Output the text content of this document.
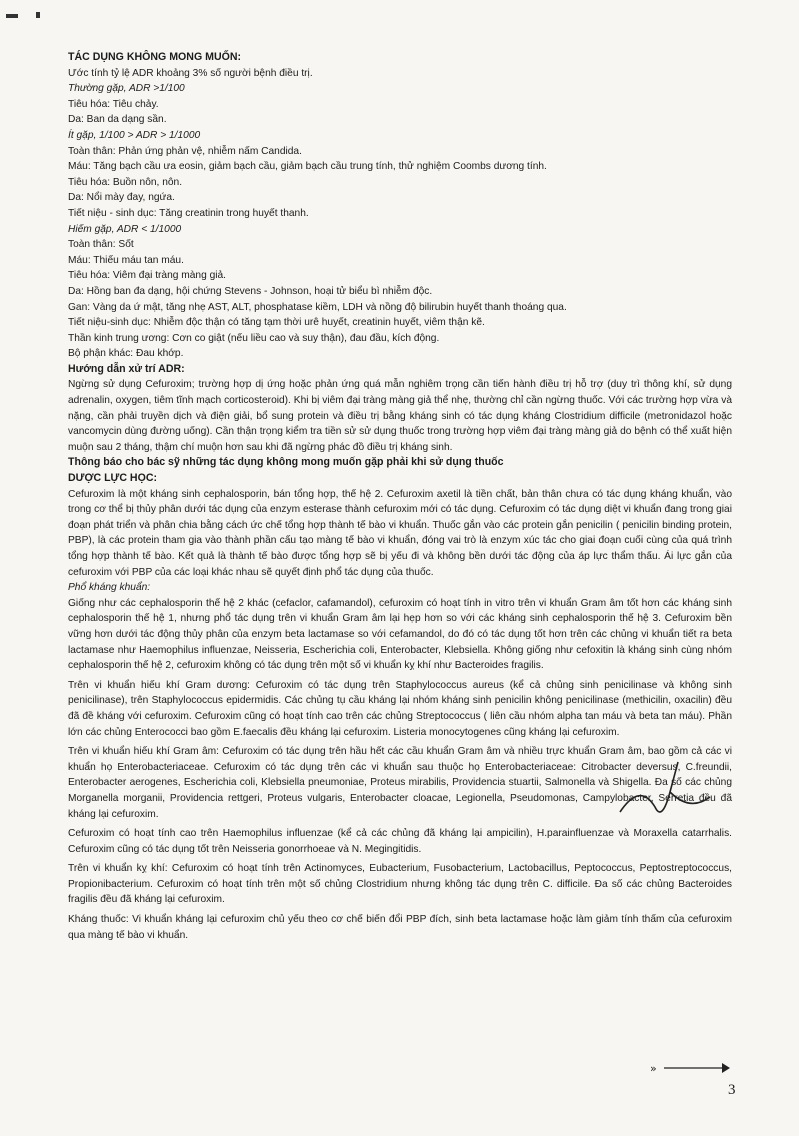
TÁC DỤNG KHÔNG MONG MUỐN:

Ước tính tỷ lệ ADR khoảng 3% số người bệnh điều trị.

Thường gặp, ADR >1/100

Tiêu hóa: Tiêu chảy.

Da: Ban da dạng sần.

Ít gặp, 1/100 > ADR > 1/1000

Toàn thân: Phản ứng phản vệ, nhiễm nấm Candida.

Máu: Tăng bạch cầu ưa eosin, giảm bạch cầu, giảm bạch cầu trung tính, thử nghiệm Coombs dương tính.

Tiêu hóa: Buồn nôn, nôn.

Da: Nổi mày đay, ngứa.

Tiết niệu - sinh dục: Tăng creatinin trong huyết thanh.

Hiếm gặp, ADR < 1/1000

Toàn thân: Sốt

Máu: Thiếu máu tan máu.

Tiêu hóa: Viêm đại tràng màng giả.

Da: Hồng ban đa dạng, hội chứng Stevens - Johnson, hoại tử biểu bì nhiễm độc.

Gan: Vàng da ứ mật, tăng nhẹ AST, ALT, phosphatase kiềm, LDH và nồng độ bilirubin huyết thanh thoáng qua.

Tiết niệu-sinh dục: Nhiễm độc thận có tăng tạm thời urê huyết, creatinin huyết, viêm thận kẽ.

Thần kinh trung ương: Cơn co giật (nếu liều cao và suy thận), đau đầu, kích động.

Bộ phận khác: Đau khớp.

Hướng dẫn xử trí ADR:

Ngừng sử dụng Cefuroxim; trường hợp dị ứng hoặc phản ứng quá mẫn nghiêm trọng cần tiến hành điều trị hỗ trợ (duy trì thông khí, sử dụng adrenalin, oxygen, tiêm tĩnh mạch corticosteroid). Khi bị viêm đại tràng màng giả thể nhẹ, thường chỉ cần ngừng thuốc. Với các trường hợp vừa và nặng, cần phải truyền dịch và điện giải, bổ sung protein và điều trị bằng kháng sinh có tác dụng kháng Clostridium difficile (metronidazol hoặc vancomycin dùng đường uống). Cần thận trọng kiểm tra tiền sử sử dụng thuốc trong trường hợp viêm đại tràng màng giả do bệnh có thể xuất hiện muộn sau 2 tháng, thậm chí muộn hơn sau khi đã ngừng phác đồ điều trị kháng sinh.

Thông báo cho bác sỹ những tác dụng không mong muốn gặp phải khi sử dụng thuốc

DƯỢC LỰC HỌC:

Cefuroxim là một kháng sinh cephalosporin, bán tổng hợp, thế hệ 2. Cefuroxim axetil là tiền chất, bản thân chưa có tác dụng kháng khuẩn, vào trong cơ thể bị thủy phân dưới tác dụng của enzym esterase thành cefuroxim mới có tác dụng. Cefuroxim có tác dụng diệt vi khuẩn đang trong giai đoạn phát triển và phân chia bằng cách ức chế tổng hợp thành tế bào vi khuẩn. Thuốc gắn vào các protein gắn penicilin ( penicilin binding protein, PBP), là các protein tham gia vào thành phần cấu tạo màng tế bào vi khuẩn, đóng vai trò là enzym xúc tác cho giai đoạn cuối cùng của quá trình tổng hợp thành tế bào. Kết quả là thành tế bào được tổng hợp sẽ bị yếu đi và không bền dưới tác động của áp lực thẩm thấu. Ái lực gắn của cefuroxim với PBP của các loại khác nhau sẽ quyết định phổ tác dụng của thuốc.

Phổ kháng khuẩn:

Giống như các cephalosporin thế hệ 2 khác (cefaclor, cafamandol), cefuroxim có hoạt tính in vitro trên vi khuẩn Gram âm tốt hơn các kháng sinh cephalosporin thế hệ 1, nhưng phổ tác dụng trên vi khuẩn Gram âm lại hẹp hơn so với các kháng sinh cephalosporin thế hệ 3. Cefuroxim bền vững hơn dưới tác động thủy phân của enzym beta lactamase so với cefamandol, do đó có tác dụng tốt hơn trên các chủng vi khuẩn tiết ra beta lactamase như Haemophilus influenzae, Neisseria, Escherichia coli, Enterobacter, Klebsiella. Không giống như cefoxitin là kháng sinh cùng nhóm cephalosporin thế hệ 2, cefuroxim không có tác dụng trên một số vi khuẩn kỵ khí như Bacteroides fragilis.

Trên vi khuẩn hiếu khí Gram dương: Cefuroxim có tác dụng trên Staphylococcus aureus (kể cả chủng sinh penicilinase và không sinh penicilinase), trên Staphylococcus epidermidis. Các chủng tụ cầu kháng lại nhóm kháng sinh penicilin không penicilinase (methicilin, oxacilin) đều đã đề kháng với cefuroxim. Cefuroxim cũng có hoạt tính cao trên các chủng Streptococcus ( liên cầu nhóm alpha tan máu và beta tan máu). Phần lớn các chủng Enterococci bao gồm E.faecalis đều kháng lại cefuroxim. Listeria monocytogenes cũng kháng lại cefuroxim.

Trên vi khuẩn hiếu khí Gram âm: Cefuroxim có tác dụng trên hầu hết các cầu khuẩn Gram âm và nhiều trực khuẩn Gram âm, bao gồm cả các vi khuẩn họ Enterobacteriaceae. Cefuroxim có tác dụng trên các vi khuẩn sau thuộc họ Enterobacteriaceae: Citrobacter deversus, C.freundii, Enterobacter aerogenes, Escherichia coli, Klebsiella pneumoniae, Proteus mirabilis, Providencia stuartii, Salmonella và Shigella. Đa số các chủng Morganella morganii, Providencia rettgeri, Proteus vulgaris, Enterobacter cloacae, Legionella, Pseudomonas, Campylobacter, Serretia đều đã kháng lại cefuroxim.

Cefuroxim có hoạt tính cao trên Haemophilus influenzae (kể cả các chủng đã kháng lại ampicilin), H.parainfluenzae và Moraxella catarrhalis. Cefuroxim cũng có tác dụng tốt trên Neisseria gonorrhoeae và N. Megingitidis.

Trên vi khuẩn kỵ khí: Cefuroxim có hoạt tính trên Actinomyces, Eubacterium, Fusobacterium, Lactobacillus, Peptococcus, Peptostreptococcus, Propionibacterium. Cefuroxim có hoạt tính trên một số chủng Clostridium nhưng không tác dụng trên C. difficile. Đa số các chủng Bacteroides fragilis đều đã kháng lại cefuroxim.

Kháng thuốc: Vi khuẩn kháng lại cefuroxim chủ yếu theo cơ chế biến đổi PBP đích, sinh beta lactamase hoặc làm giảm tính thấm của cefuroxim qua màng tế bào vi khuẩn.

»
3
